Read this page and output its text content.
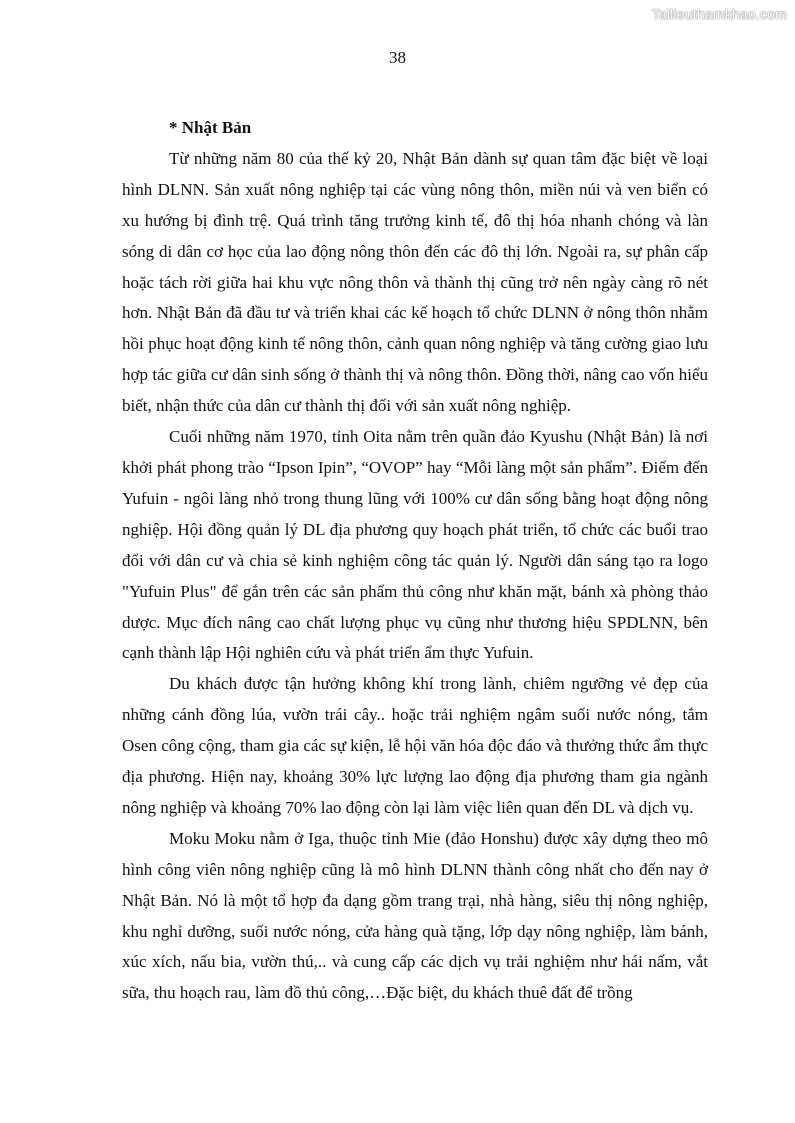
Tailieuthamkhao.com
38

* Nhật Bản

Từ những năm 80 của thế kỷ 20, Nhật Bản dành sự quan tâm đặc biệt về loại hình DLNN. Sản xuất nông nghiệp tại các vùng nông thôn, miền núi và ven biển có xu hướng bị đình trệ. Quá trình tăng trưởng kinh tế, đô thị hóa nhanh chóng và làn sóng di dân cơ học của lao động nông thôn đến các đô thị lớn. Ngoài ra, sự phân cấp hoặc tách rời giữa hai khu vực nông thôn và thành thị cũng trở nên ngày càng rõ nét hơn. Nhật Bản đã đầu tư và triển khai các kế hoạch tổ chức DLNN ở nông thôn nhằm hồi phục hoạt động kinh tế nông thôn, cảnh quan nông nghiệp và tăng cường giao lưu hợp tác giữa cư dân sinh sống ở thành thị và nông thôn. Đồng thời, nâng cao vốn hiểu biết, nhận thức của dân cư thành thị đối với sản xuất nông nghiệp.

Cuối những năm 1970, tỉnh Oita nằm trên quần đảo Kyushu (Nhật Bản) là nơi khởi phát phong trào “Ipson Ipin”, “OVOP” hay “Mỗi làng một sản phẩm”. Điểm đến Yufuin - ngôi làng nhỏ trong thung lũng với 100% cư dân sống bằng hoạt động nông nghiệp. Hội đồng quản lý DL địa phương quy hoạch phát triển, tổ chức các buổi trao đổi với dân cư và chia sẻ kinh nghiệm công tác quản lý. Người dân sáng tạo ra logo "Yufuin Plus" để gắn trên các sản phẩm thủ công như khăn mặt, bánh xà phòng thảo dược. Mục đích nâng cao chất lượng phục vụ cũng như thương hiệu SPDLNN, bên cạnh thành lập Hội nghiên cứu và phát triển ẩm thực Yufuin.

Du khách được tận hưởng không khí trong lành, chiêm ngưỡng vẻ đẹp của những cánh đồng lúa, vườn trái cây.. hoặc trải nghiệm ngâm suối nước nóng, tắm Osen công cộng, tham gia các sự kiện, lễ hội văn hóa độc đáo và thưởng thức ẩm thực địa phương. Hiện nay, khoảng 30% lực lượng lao động địa phương tham gia ngành nông nghiệp và khoảng 70% lao động còn lại làm việc liên quan đến DL và dịch vụ.

Moku Moku nằm ở Iga, thuộc tỉnh Mie (đảo Honshu) được xây dựng theo mô hình công viên nông nghiệp cũng là mô hình DLNN thành công nhất cho đến nay ở Nhật Bản. Nó là một tổ hợp đa dạng gồm trang trại, nhà hàng, siêu thị nông nghiệp, khu nghỉ dưỡng, suối nước nóng, cửa hàng quà tặng, lớp dạy nông nghiệp, làm bánh, xúc xích, nấu bia, vườn thú,.. và cung cấp các dịch vụ trải nghiệm như hái nấm, vắt sữa, thu hoạch rau, làm đồ thủ công,…Đặc biệt, du khách thuê đất để trồng
